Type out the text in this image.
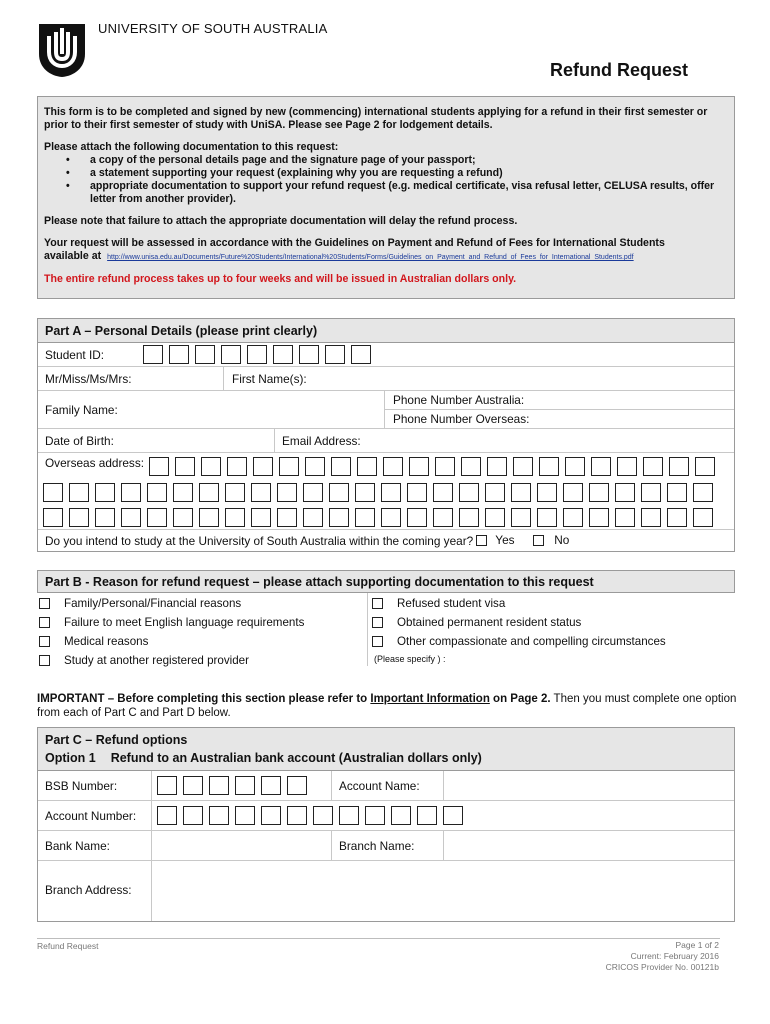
UNIVERSITY OF SOUTH AUSTRALIA
Refund Request

This form is to be completed and signed by new (commencing) international students applying for a refund in their first semester or prior to their first semester of study with UniSA. Please see Page 2 for lodgement details.

Please attach the following documentation to this request:
• a copy of the personal details page and the signature page of your passport;
• a statement supporting your request (explaining why you are requesting a refund)
• appropriate documentation to support your refund request (e.g. medical certificate, visa refusal letter, CELUSA results, offer letter from another provider).

Please note that failure to attach the appropriate documentation will delay the refund process.

Your request will be assessed in accordance with the Guidelines on Payment and Refund of Fees for International Students
available at http://www.unisa.edu.au/Documents/Future%20Students/International%20Students/Forms/Guidelines_on_Payment_and_Refund_of_Fees_for_International_Students.pdf

The entire refund process takes up to four weeks and will be issued in Australian dollars only.

Part A – Personal Details (please print clearly)
Student ID:
Mr/Miss/Ms/Mrs:	First Name(s):
Family Name:
Phone Number Australia:
Phone Number Overseas:
Date of Birth:	Email Address:
Overseas address:
Do you intend to study at the University of South Australia within the coming year?	Yes	No
Part B - Reason for refund request – please attach supporting documentation to this request
Family/Personal/Financial reasons
Failure to meet English language requirements
Medical reasons
Study at another registered provider
Refused student visa
Obtained permanent resident status
Other compassionate and compelling circumstances
(Please specify ) :
IMPORTANT – Before completing this section please refer to Important Information on Page 2. Then you must complete one option from each of Part C and Part D below.
Part C – Refund options
Option 1 Refund to an Australian bank account (Australian dollars only)
BSB Number:	Account Name:
Account Number:
Bank Name:	Branch Name:
Branch Address:
Refund Request	Page 1 of 2
Current: February 2016
CRICOS Provider No. 00121b
